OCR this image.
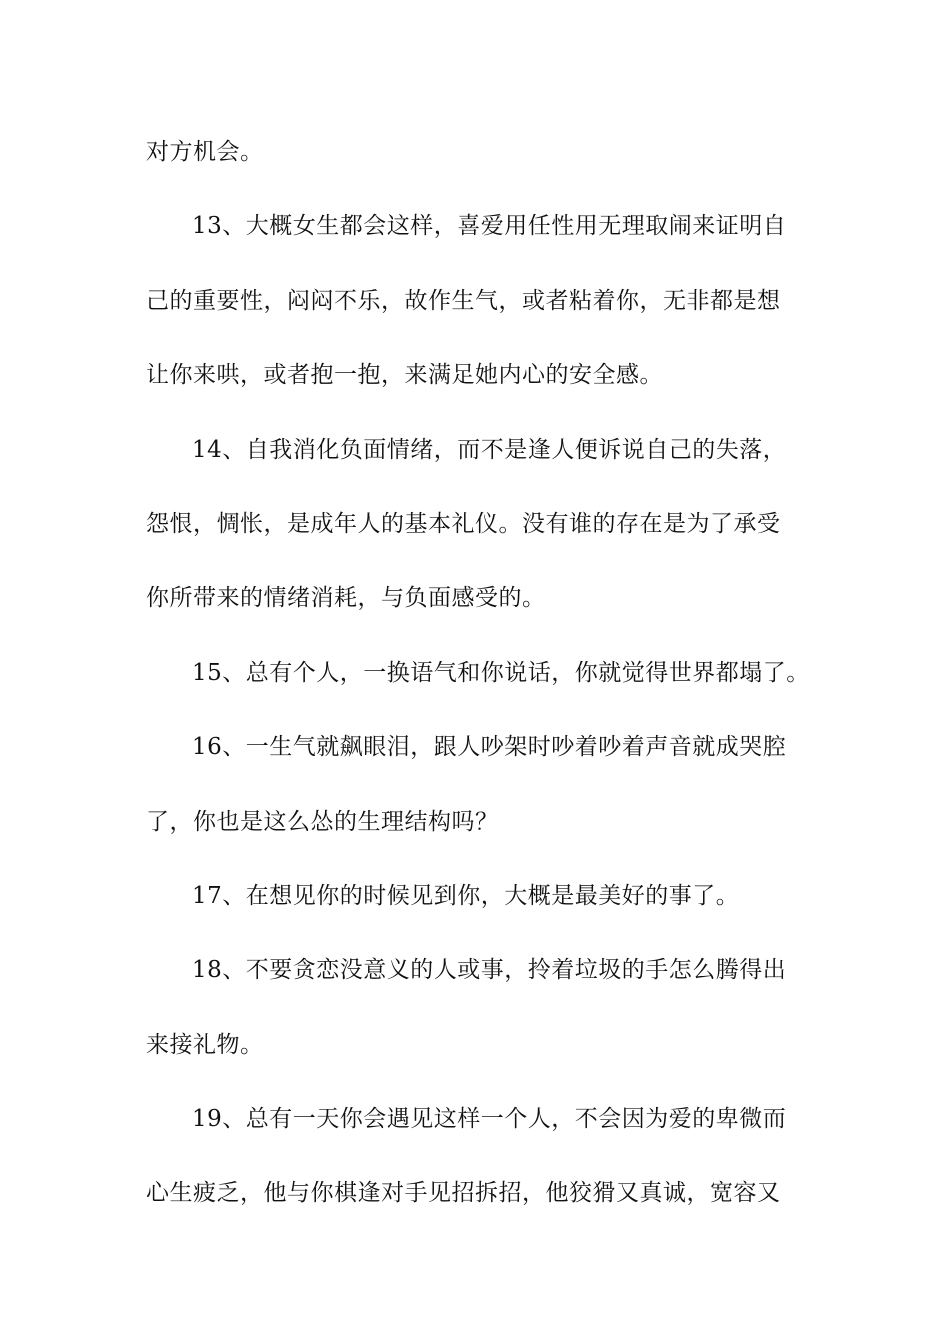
对方机会。
13、大概女生都会这样，喜爱用任性用无理取闹来证明自
己的重要性，闷闷不乐，故作生气，或者粘着你，无非都是想
让你来哄，或者抱一抱，来满足她内心的安全感。
14、自我消化负面情绪，而不是逢人便诉说自己的失落，
怨恨，惆怅，是成年人的基本礼仪。没有谁的存在是为了承受
你所带来的情绪消耗，与负面感受的。
15、总有个人，一换语气和你说话，你就觉得世界都塌了。
16、一生气就飙眼泪，跟人吵架时吵着吵着声音就成哭腔
了，你也是这么怂的生理结构吗？
17、在想见你的时候见到你，大概是最美好的事了。
18、不要贪恋没意义的人或事，拎着垃圾的手怎么腾得出
来接礼物。
19、总有一天你会遇见这样一个人，不会因为爱的卑微而
心生疲乏，他与你棋逢对手见招拆招，他狡猾又真诚，宽容又
